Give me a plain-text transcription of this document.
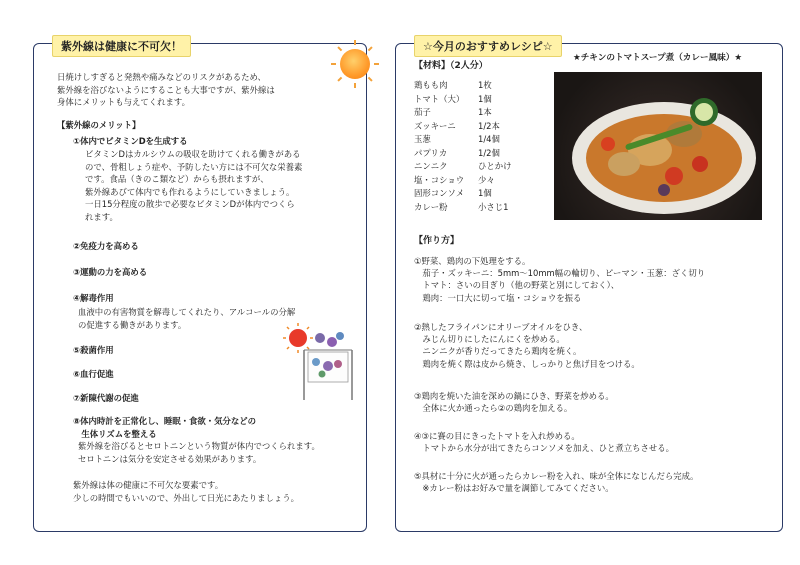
紫外線は健康に不可欠！	☆今月のおすすめレシピ☆
日焼けしすぎると発熱や痛みなどのリスクがあるため、
紫外線を浴びないようにすることも大事ですが、紫外線は
身体にメリットも与えてくれます。
【紫外線のメリット】
①体内でビタミンDを生成する
ビタミンDはカルシウムの吸収を助けてくれる働きがある
ので、骨粗しょう症や、予防したい方には不可欠な栄養素
です。食品（きのこ類など）からも摂れますが、
紫外線あびて体内でも作れるようにしていきましょう。
一日15分程度の散歩で必要なビタミンDが体内でつくら
れます。
②免疫力を高める
③運動の力を高める
④解毒作用
血液中の有害物質を解毒してくれたり、アルコールの分解
の促進する働きがあります。
⑤殺菌作用
⑥血行促進
⑦新陳代謝の促進
⑧体内時計を正常化し、睡眠・食欲・気分などの
　生体リズムを整える
紫外線を浴びるとセロトニンという物質が体内でつくられます。
セロトニンは気分を安定させる効果があります。
紫外線は体の健康に不可欠な要素です。
少しの時間でもいいので、外出して日光にあたりましょう。
★チキンのトマトスープ煮（カレー風味）★
【材料】（2人分）
鶏もも肉	1枚
トマト（大）	1個
茄子	1本
ズッキーニ	1/2本
玉葱	1/4個
パプリカ	1/2個
ニンニク	ひとかけ
塩・コショウ	少々
固形コンソメ	1個
カレー粉	小さじ1
【作り方】
①野菜、鶏肉の下処理をする。
　茄子・ズッキーニ：5mm〜10mm幅の輪切り、ピーマン・玉葱：ざく切り
　トマト：さいの目ぎり（他の野菜と別にしておく）、
　鶏肉：一口大に切って塩・コショウを振る
②熱したフライパンにオリーブオイルをひき、
　みじん切りにしたにんにくを炒める。
　ニンニクが香りだってきたら鶏肉を焼く。
　鶏肉を焼く際は皮から焼き、しっかりと焦げ目をつける。
③鶏肉を焼いた油を深めの鍋にひき、野菜を炒める。
　全体に火か通ったら②の鶏肉を加える。
④③に賽の目にきったトマトを入れ炒める。
　トマトから水分が出てきたらコンソメを加え、ひと煮立ちさせる。
⑤具材に十分に火が通ったらカレー粉を入れ、味が全体になじんだら完成。
　※カレー粉はお好みで量を調節してみてください。
